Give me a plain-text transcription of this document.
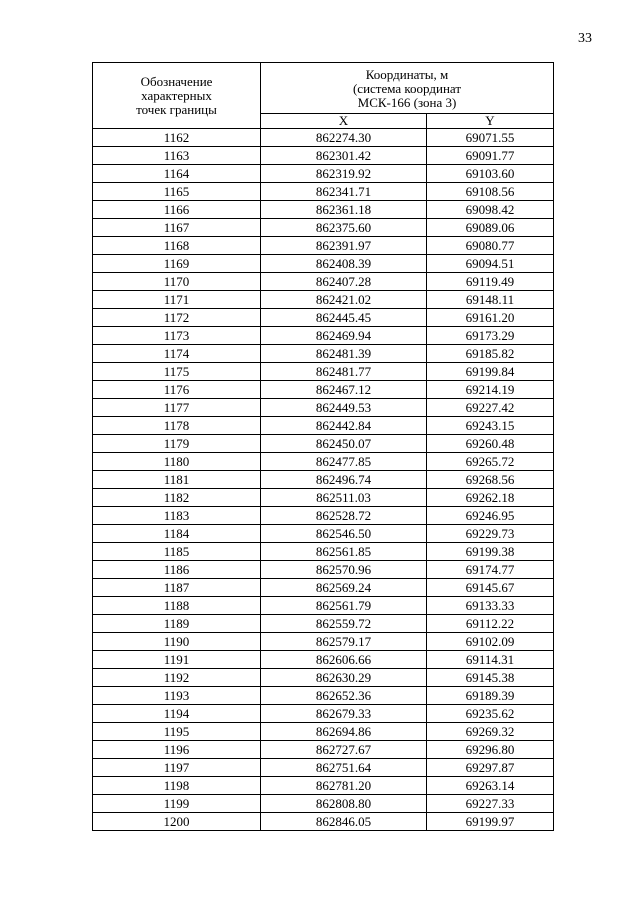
33
Обозначение
характерных
точек границы	Координаты, м
(система координат
МСК-166 (зона 3)	

	X	Y
1162	862274.30	69071.55
1163	862301.42	69091.77
1164	862319.92	69103.60
1165	862341.71	69108.56
1166	862361.18	69098.42
1167	862375.60	69089.06
1168	862391.97	69080.77
1169	862408.39	69094.51
1170	862407.28	69119.49
1171	862421.02	69148.11
1172	862445.45	69161.20
1173	862469.94	69173.29
1174	862481.39	69185.82
1175	862481.77	69199.84
1176	862467.12	69214.19
1177	862449.53	69227.42
1178	862442.84	69243.15
1179	862450.07	69260.48
1180	862477.85	69265.72
1181	862496.74	69268.56
1182	862511.03	69262.18
1183	862528.72	69246.95
1184	862546.50	69229.73
1185	862561.85	69199.38
1186	862570.96	69174.77
1187	862569.24	69145.67
1188	862561.79	69133.33
1189	862559.72	69112.22
1190	862579.17	69102.09
1191	862606.66	69114.31
1192	862630.29	69145.38
1193	862652.36	69189.39
1194	862679.33	69235.62
1195	862694.86	69269.32
1196	862727.67	69296.80
1197	862751.64	69297.87
1198	862781.20	69263.14
1199	862808.80	69227.33
1200	862846.05	69199.97
